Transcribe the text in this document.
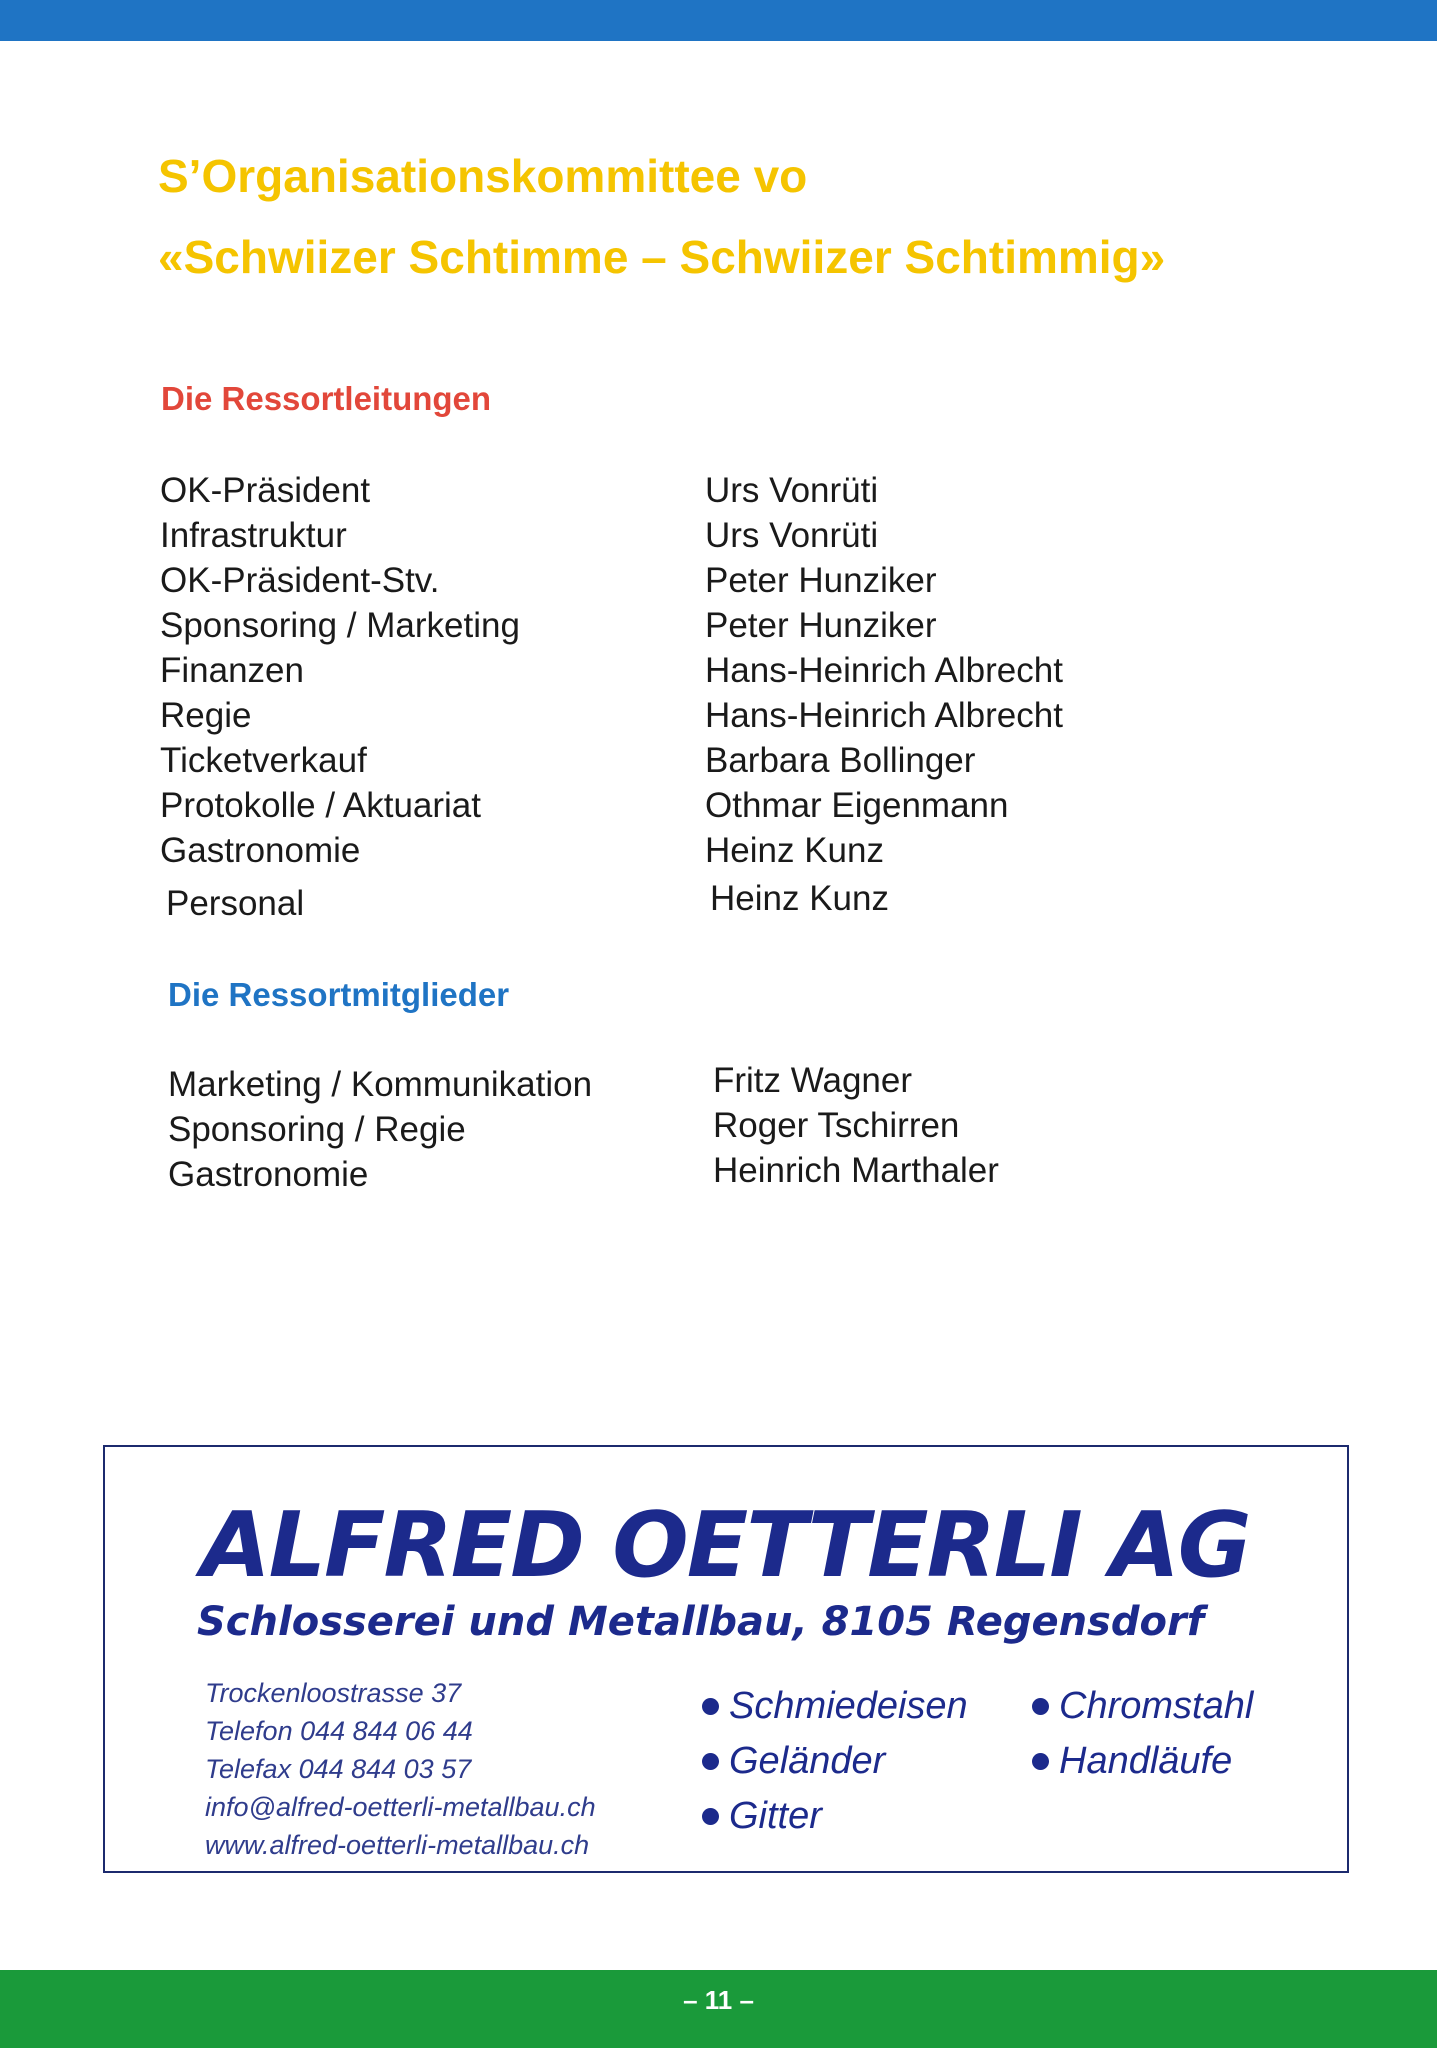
S’Organisationskommittee vo
«Schwiizer Schtimme – Schwiizer Schtimmig»
Die Ressortleitungen
OK-Präsident
Infrastruktur
OK-Präsident-Stv.
Sponsoring / Marketing
Finanzen
Regie
Ticketverkauf
Protokolle / Aktuariat
Gastronomie
Urs Vonrüti
Urs Vonrüti
Peter Hunziker
Peter Hunziker
Hans-Heinrich Albrecht
Hans-Heinrich Albrecht
Barbara Bollinger
Othmar Eigenmann
Heinz Kunz
Personal	Heinz Kunz
Die Ressortmitglieder
Marketing / Kommunikation
Sponsoring / Regie
Gastronomie
Fritz Wagner
Roger Tschirren
Heinrich Marthaler
ALFRED OETTERLI AG
Schlosserei und Metallbau, 8105 Regensdorf
Trockenloostrasse 37
Telefon 044 844 06 44
Telefax 044 844 03 57
info@alfred-oetterli-metallbau.ch
www.alfred-oetterli-metallbau.ch
Schmiedeisen
Geländer
Gitter
Chromstahl
Handläufe
– 11 –
